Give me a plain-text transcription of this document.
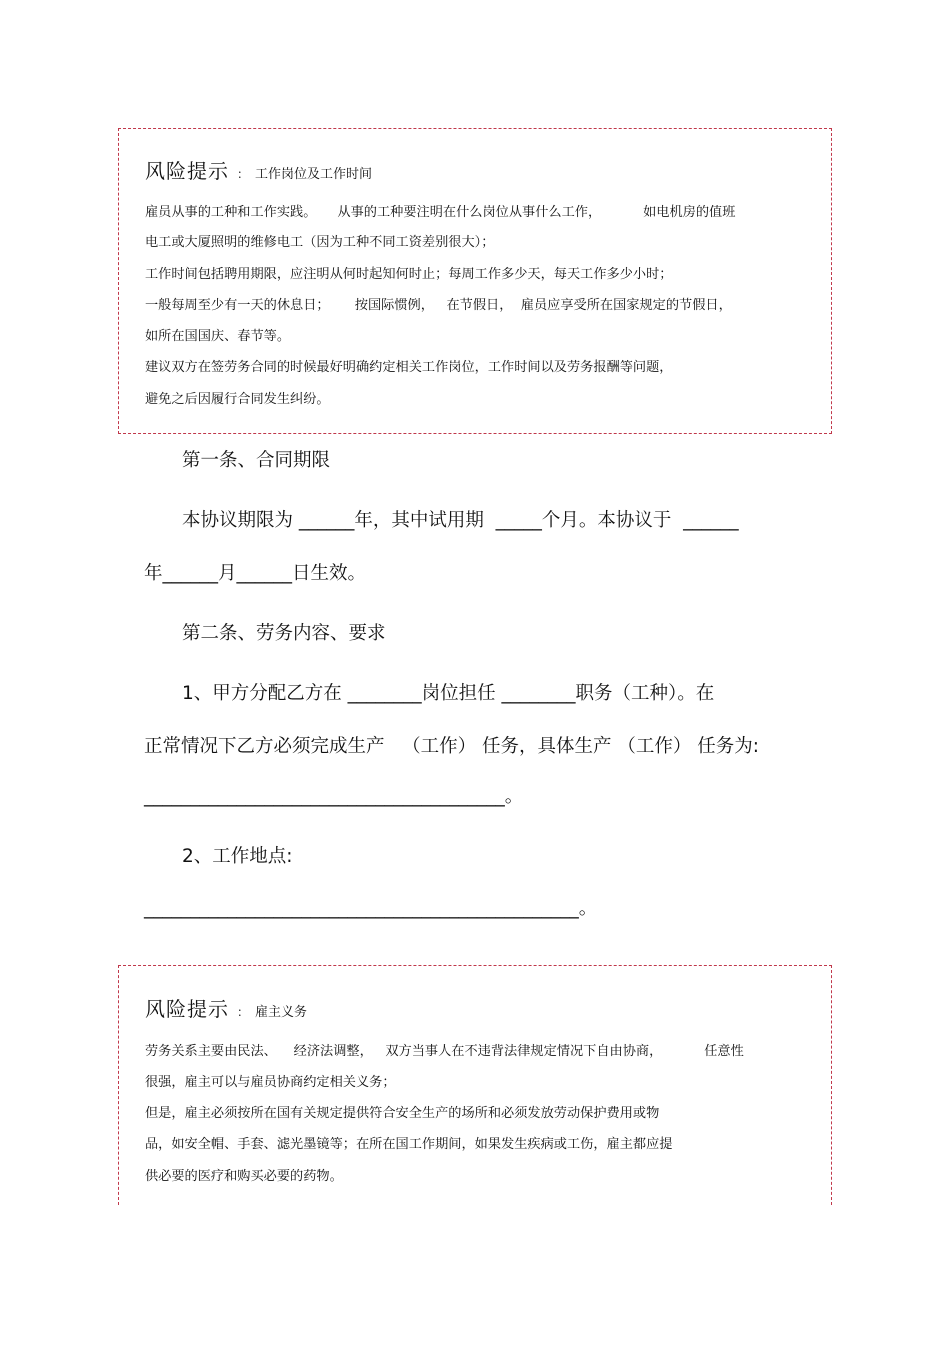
风险提示 ： 工作岗位及工作时间
雇员从事的工种和工作实践。     从事的工种要注明在什么岗位从事什么工作，          如电机房的值班
电工或大厦照明的维修电工（因为工种不同工资差别很大）；
工作时间包括聘用期限，应注明从何时起知何时止；每周工作多少天，每天工作多少小时；
一般每周至少有一天的休息日；      按国际惯例，   在节假日，  雇员应享受所在国家规定的节假日，
如所在国国庆、春节等。
建议双方在签劳务合同的时候最好明确约定相关工作岗位，工作时间以及劳务报酬等问题，
避免之后因履行合同发生纠纷。
第一条、合同期限
本协议期限为 ______年，其中试用期  _____个月。本协议于  ______
年______月______日生效。
第二条、劳务内容、要求
1、甲方分配乙方在 ________岗位担任 ________职务（工种）。在
正常情况下乙方必须完成生产   （工作） 任务，具体生产 （工作） 任务为:
_______________________________________。
2、工作地点:
_______________________________________________。
风险提示 ： 雇主义务
劳务关系主要由民法、    经济法调整，   双方当事人在不违背法律规定情况下自由协商，          任意性
很强，雇主可以与雇员协商约定相关义务；
但是，雇主必须按所在国有关规定提供符合安全生产的场所和必须发放劳动保护费用或物
品，如安全帽、手套、滤光墨镜等；在所在国工作期间，如果发生疾病或工伤，雇主都应提
供必要的医疗和购买必要的药物。
